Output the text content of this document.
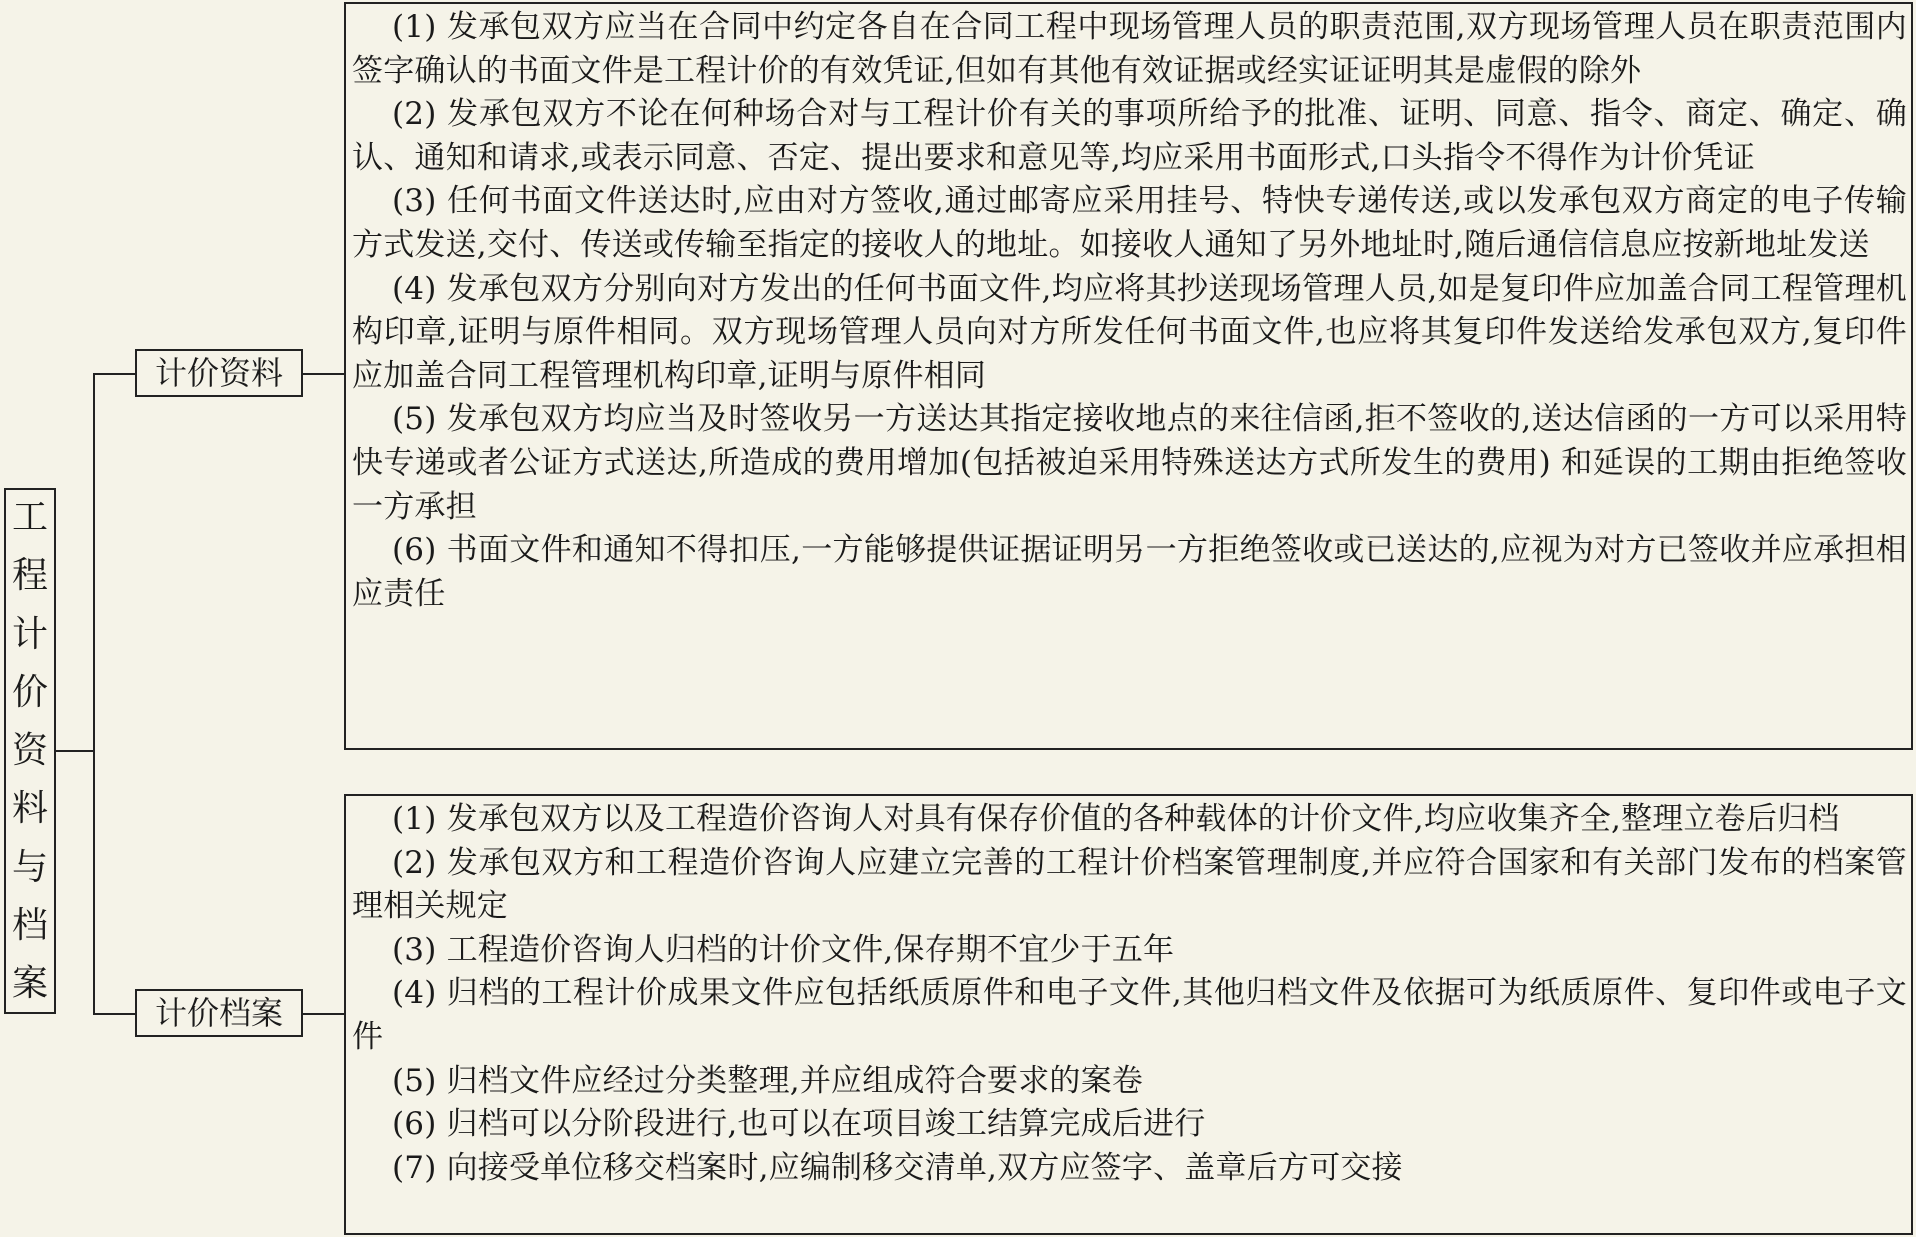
工
程
计
价
资
料
与
档
案
计价资料
计价档案

(1) 发承包双方应当在合同中约定各自在合同工程中现场管理人员的职责范围,双方现场管理人员在职责范围内签字确认的书面文件是工程计价的有效凭证,但如有其他有效证据或经实证证明其是虚假的除外

(2) 发承包双方不论在何种场合对与工程计价有关的事项所给予的批准、证明、同意、指令、商定、确定、确认、通知和请求,或表示同意、否定、提出要求和意见等,均应采用书面形式,口头指令不得作为计价凭证

(3) 任何书面文件送达时,应由对方签收,通过邮寄应采用挂号、特快专递传送,或以发承包双方商定的电子传输方式发送,交付、传送或传输至指定的接收人的地址。如接收人通知了另外地址时,随后通信信息应按新地址发送

(4) 发承包双方分别向对方发出的任何书面文件,均应将其抄送现场管理人员,如是复印件应加盖合同工程管理机构印章,证明与原件相同。双方现场管理人员向对方所发任何书面文件,也应将其复印件发送给发承包双方,复印件应加盖合同工程管理机构印章,证明与原件相同

(5) 发承包双方均应当及时签收另一方送达其指定接收地点的来往信函,拒不签收的,送达信函的一方可以采用特快专递或者公证方式送达,所造成的费用增加(包括被迫采用特殊送达方式所发生的费用) 和延误的工期由拒绝签收一方承担

(6) 书面文件和通知不得扣压,一方能够提供证据证明另一方拒绝签收或已送达的,应视为对方已签收并应承担相应责任

(1) 发承包双方以及工程造价咨询人对具有保存价值的各种载体的计价文件,均应收集齐全,整理立卷后归档

(2) 发承包双方和工程造价咨询人应建立完善的工程计价档案管理制度,并应符合国家和有关部门发布的档案管理相关规定

(3) 工程造价咨询人归档的计价文件,保存期不宜少于五年

(4) 归档的工程计价成果文件应包括纸质原件和电子文件,其他归档文件及依据可为纸质原件、复印件或电子文件

(5) 归档文件应经过分类整理,并应组成符合要求的案卷

(6) 归档可以分阶段进行,也可以在项目竣工结算完成后进行

(7) 向接受单位移交档案时,应编制移交清单,双方应签字、盖章后方可交接
